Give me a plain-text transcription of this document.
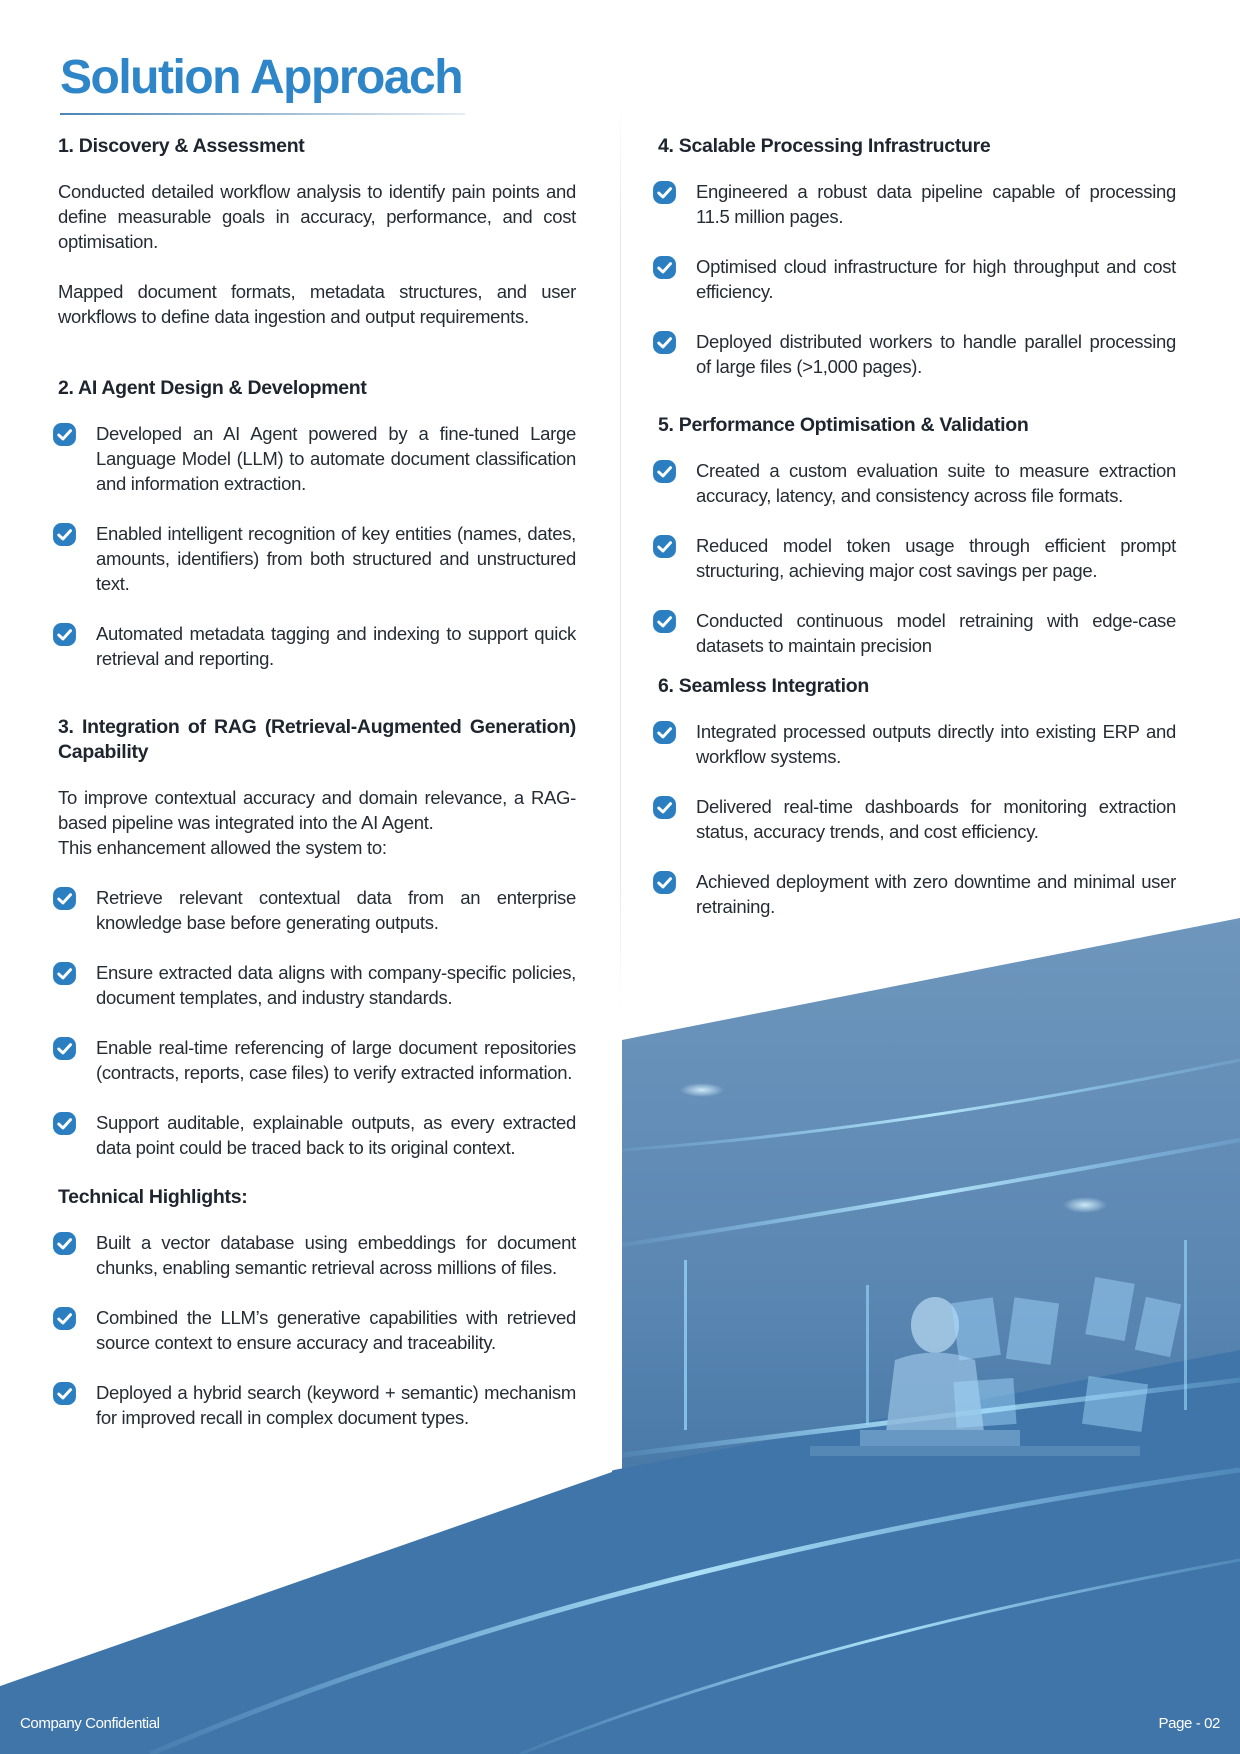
Solution Approach
1. Discovery & Assessment

Conducted detailed workflow analysis to identify pain points and define measurable goals in accuracy, performance, and cost optimisation.

Mapped document formats, metadata structures, and user workflows to define data ingestion and output requirements.

2. AI Agent Design & Development
Developed an AI Agent powered by a fine-tuned Large Language Model (LLM) to automate document classification and information extraction.
Enabled intelligent recognition of key entities (names, dates, amounts, identifiers) from both structured and unstructured text.
Automated metadata tagging and indexing to support quick retrieval and reporting.
3. Integration of RAG (Retrieval-Augmented Generation) Capability

To improve contextual accuracy and domain relevance, a RAG-based pipeline was integrated into the AI Agent.
This enhancement allowed the system to:

Retrieve relevant contextual data from an enterprise knowledge base before generating outputs.
Ensure extracted data aligns with company-specific policies, document templates, and industry standards.
Enable real-time referencing of large document repositories (contracts, reports, case files) to verify extracted information.
Support auditable, explainable outputs, as every extracted data point could be traced back to its original context.
Technical Highlights:
Built a vector database using embeddings for document chunks, enabling semantic retrieval across millions of files.
Combined the LLM’s generative capabilities with retrieved source context to ensure accuracy and traceability.
Deployed a hybrid search (keyword + semantic) mechanism for improved recall in complex document types.
4. Scalable Processing Infrastructure
Engineered a robust data pipeline capable of processing 11.5 million pages.
Optimised cloud infrastructure for high throughput and cost efficiency.
Deployed distributed workers to handle parallel processing of large files (>1,000 pages).
5. Performance Optimisation & Validation
Created a custom evaluation suite to measure extraction accuracy, latency, and consistency across file formats.
Reduced model token usage through efficient prompt structuring, achieving major cost savings per page.
Conducted continuous model retraining with edge-case datasets to maintain precision
6. Seamless Integration
Integrated processed outputs directly into existing ERP and workflow systems.
Delivered real-time dashboards for monitoring extraction status, accuracy trends, and cost efficiency.
Achieved deployment with zero downtime and minimal user retraining.
Company Confidential	Page - 02
